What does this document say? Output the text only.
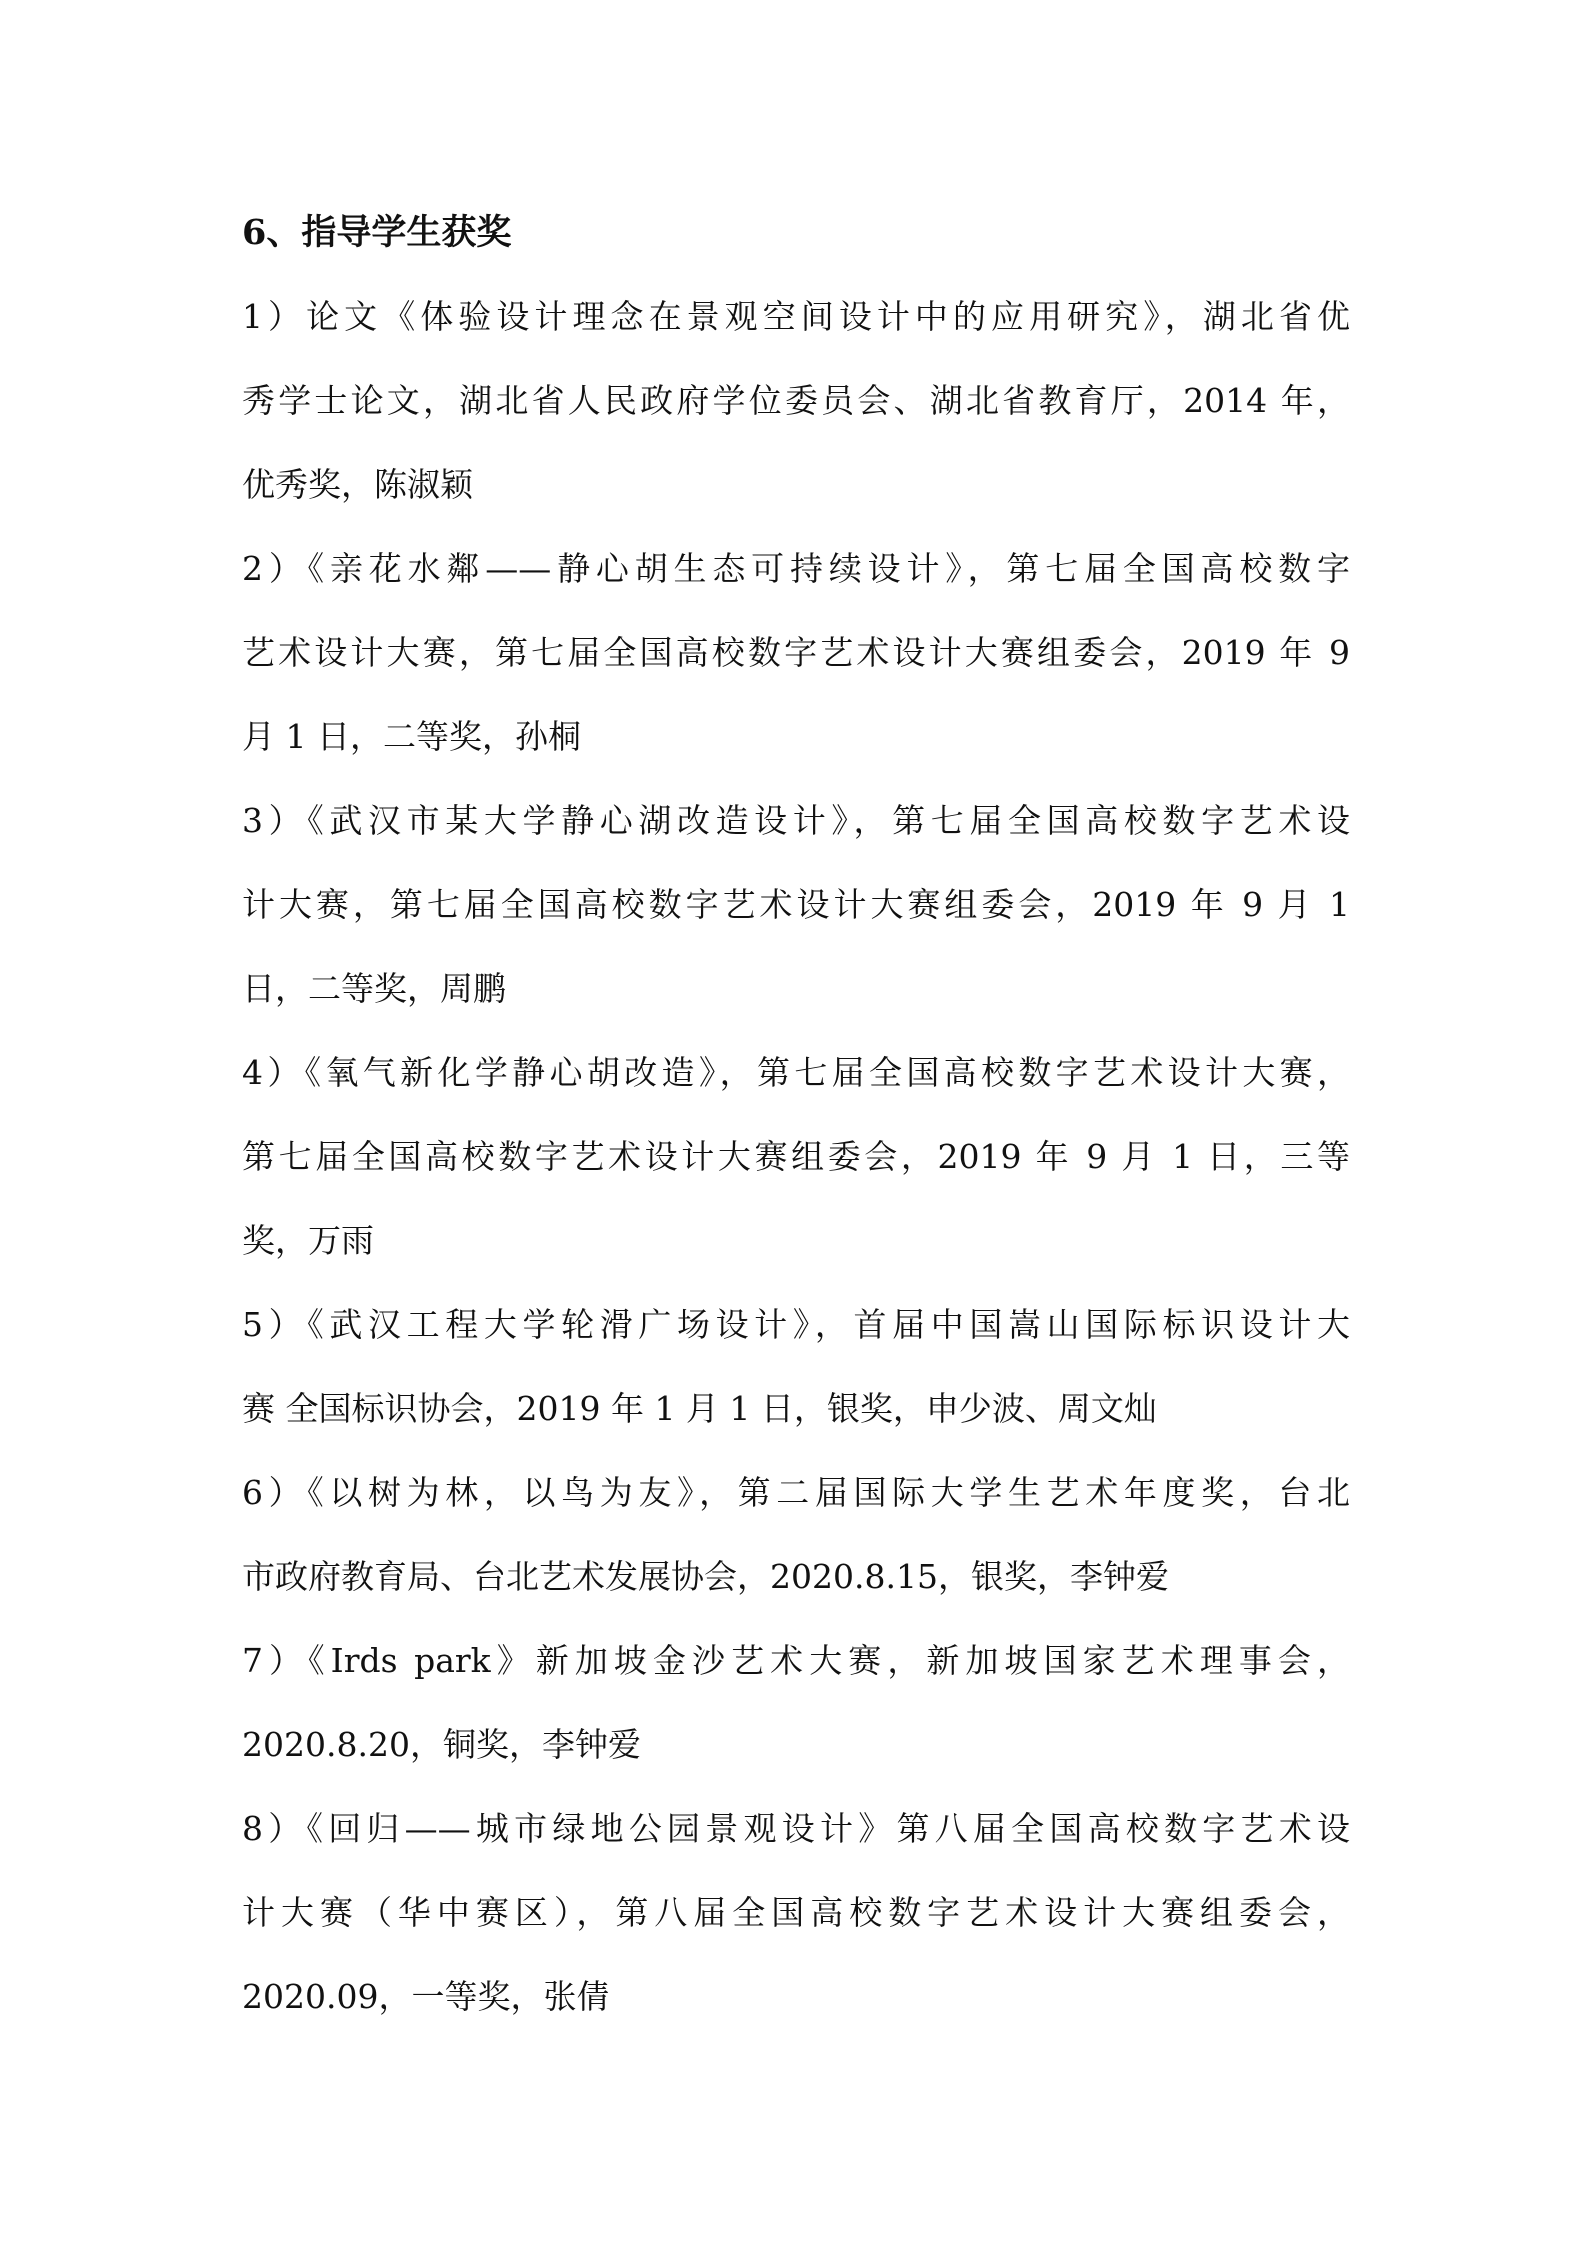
6、指导学生获奖
1）论文《体验设计理念在景观空间设计中的应用研究》，湖北省优
秀学士论文，湖北省人民政府学位委员会、湖北省教育厅，2014 年，
优秀奖，陈淑颖
2）《亲花水鄰——静心胡生态可持续设计》，第七届全国高校数字
艺术设计大赛，第七届全国高校数字艺术设计大赛组委会，2019 年 9
月 1 日，二等奖，孙桐
3）《武汉市某大学静心湖改造设计》，第七届全国高校数字艺术设
计大赛，第七届全国高校数字艺术设计大赛组委会，2019 年 9 月 1
日，二等奖，周鹏
4）《氧气新化学静心胡改造》，第七届全国高校数字艺术设计大赛，
第七届全国高校数字艺术设计大赛组委会，2019 年 9 月 1 日，三等
奖，万雨
5）《武汉工程大学轮滑广场设计》，首届中国嵩山国际标识设计大
赛 全国标识协会，2019 年 1 月 1 日，银奖，申少波、周文灿
6）《以树为林，以鸟为友》，第二届国际大学生艺术年度奖，台北
市政府教育局、台北艺术发展协会，2020.8.15，银奖，李钟爱
7）《Irds park》新加坡金沙艺术大赛，新加坡国家艺术理事会，
2020.8.20，铜奖，李钟爱
8）《回归——城市绿地公园景观设计》第八届全国高校数字艺术设
计大赛（华中赛区），第八届全国高校数字艺术设计大赛组委会，
2020.09，一等奖，张倩
